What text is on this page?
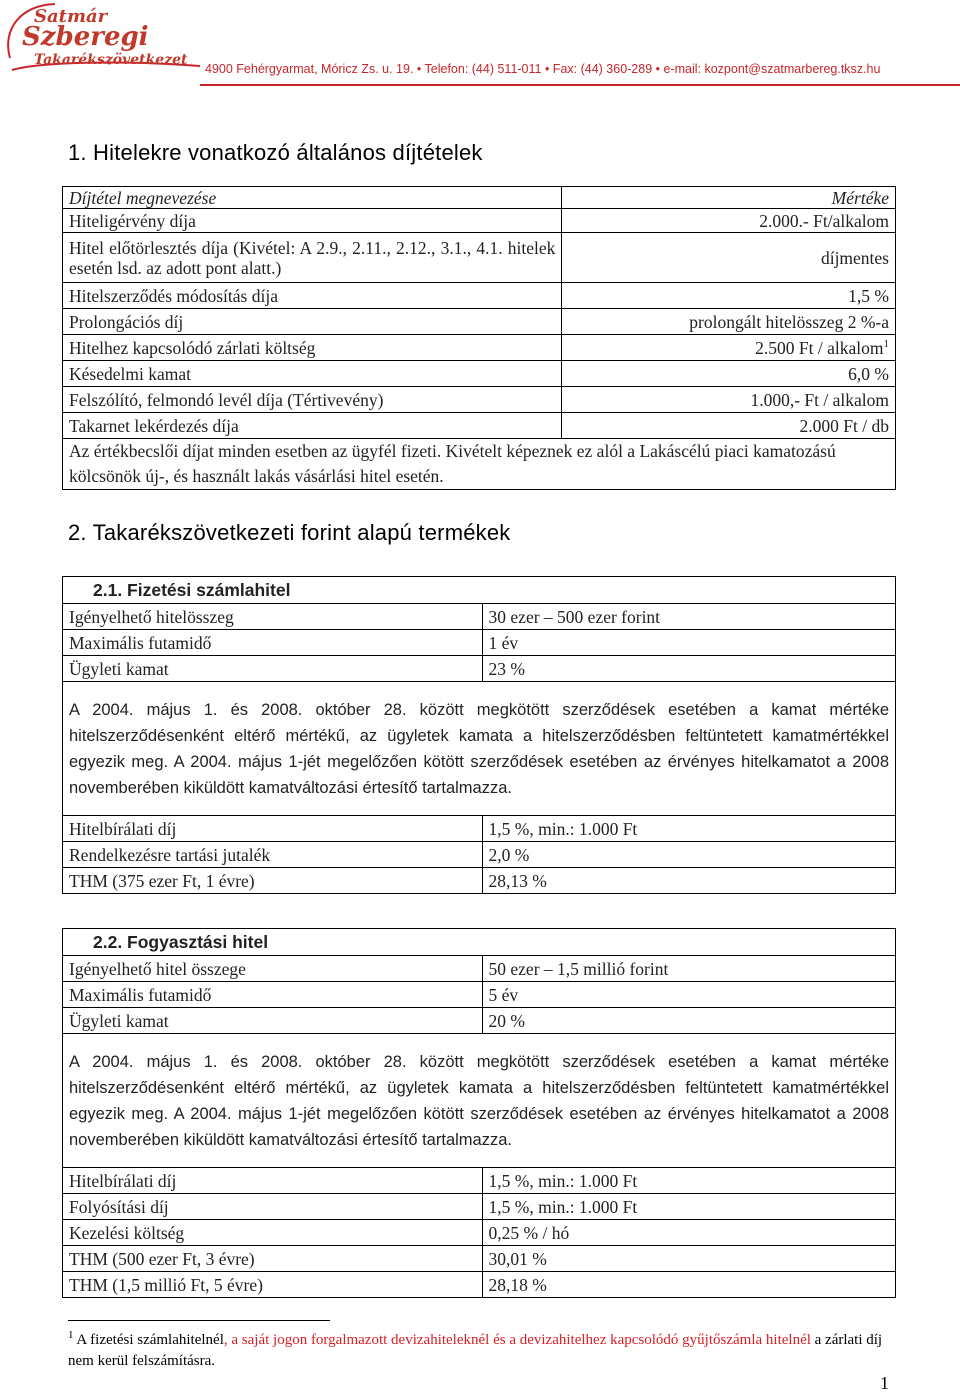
Satmár
Szberegi
Takarékszövetkezet
4900 Fehérgyarmat, Móricz Zs. u. 19. • Telefon: (44) 511-011 • Fax: (44) 360-289 • e-mail: kozpont@szatmarbereg.tksz.hu
1. Hitelekre vonatkozó általános díjtételek
Díjtétel megnevezése	Mértéke
Hiteligérvény díja	2.000.- Ft/alkalom
Hitel előtörlesztés díja (Kivétel: A 2.9., 2.11., 2.12., 3.1., 4.1. hitelek esetén lsd. az adott pont alatt.)	díjmentes
Hitelszerződés módosítás díja	1,5 %
Prolongációs díj	prolongált hitelösszeg 2 %-a
Hitelhez kapcsolódó zárlati költség	2.500 Ft / alkalom$^1$
Késedelmi kamat	6,0 %
Felszólító, felmondó levél díja (Tértivevény)	1.000,- Ft / alkalom
Takarnet lekérdezés díja	2.000 Ft / db
Az értékbecslői díjat minden esetben az ügyfél fizeti. Kivételt képeznek ez alól a Lakáscélú piaci kamatozású kölcsönök új-, és használt lakás vásárlási hitel esetén.	
2. Takarékszövetkezeti forint alapú termékek
2.1. Fizetési számlahitel	
Igényelhető hitelösszeg	30 ezer – 500 ezer forint
Maximális futamidő	1 év
Ügyleti kamat	23 %
A 2004. május 1. és 2008. október 28. között megkötött szerződések esetében a kamat mértéke hitelszerződésenként eltérő mértékű, az ügyletek kamata a hitelszerződésben feltüntetett kamatmértékkel egyezik meg. A 2004. május 1-jét megelőzően kötött szerződések esetében az érvényes hitelkamatot a 2008 novemberében kiküldött kamatváltozási értesítő tartalmazza.	
Hitelbírálati díj	1,5 %, min.: 1.000 Ft
Rendelkezésre tartási jutalék	2,0 %
THM (375 ezer Ft, 1 évre)	28,13 %
2.2. Fogyasztási hitel	
Igényelhető hitel összege	50 ezer – 1,5 millió forint
Maximális futamidő	5 év
Ügyleti kamat	20 %
A 2004. május 1. és 2008. október 28. között megkötött szerződések esetében a kamat mértéke hitelszerződésenként eltérő mértékű, az ügyletek kamata a hitelszerződésben feltüntetett kamatmértékkel egyezik meg. A 2004. május 1-jét megelőzően kötött szerződések esetében az érvényes hitelkamatot a 2008 novemberében kiküldött kamatváltozási értesítő tartalmazza.	
Hitelbírálati díj	1,5 %, min.: 1.000 Ft
Folyósítási díj	1,5 %, min.: 1.000 Ft
Kezelési költség	0,25 % / hó
THM (500 ezer Ft, 3 évre)	30,01 %
THM (1,5 millió Ft, 5 évre)	28,18 %
$^1$ A fizetési számlahitelnél, a saját jogon forgalmazott devizahiteleknél és a devizahitelhez kapcsolódó gyűjtőszámla hitelnél a zárlati díj nem kerül felszámításra.
1
